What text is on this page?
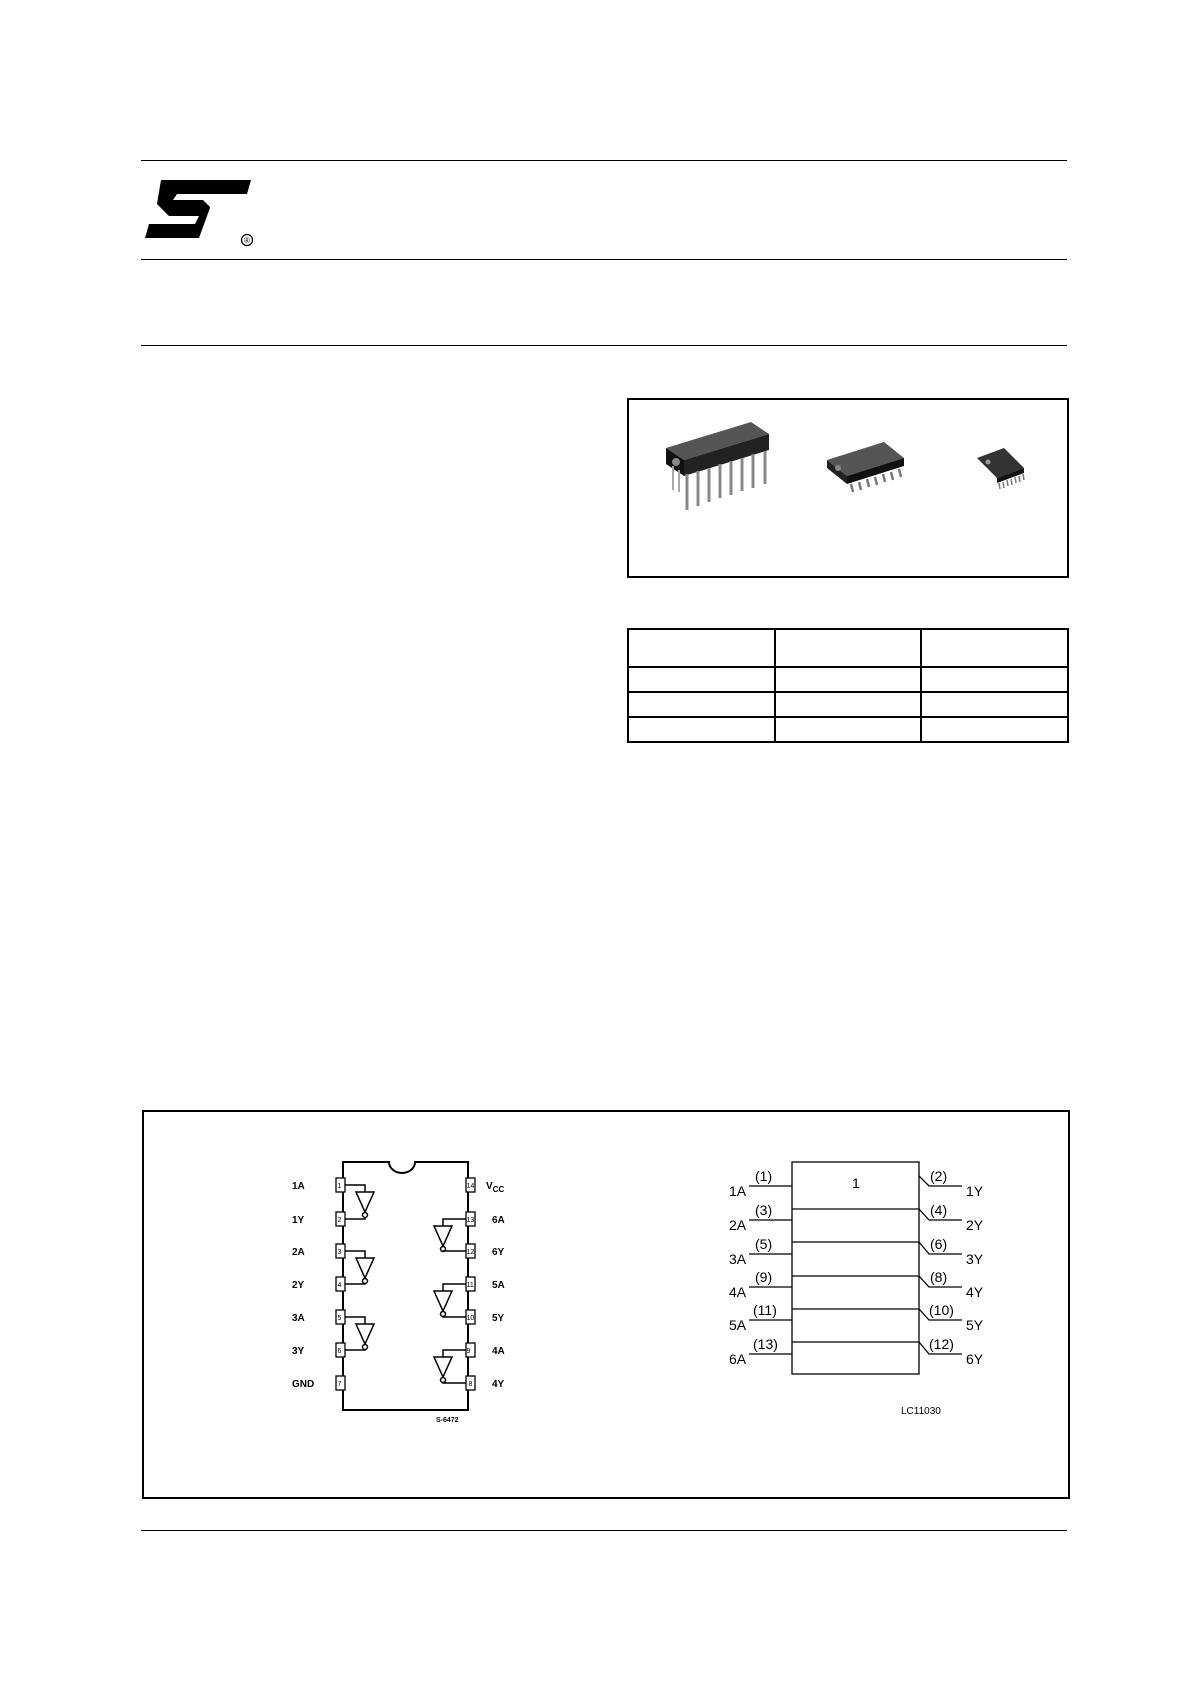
®

1
2
3
4
5
6
7
14
13
12
11
10
9
8
1A
1Y
2A
2Y
3A
3Y
GND
$V_{CC}$
6A
6Y
5A
5Y
4A
4Y
S-6472
1
1A
2A
3A
4A
5A
6A
(1)
(3)
(5)
(9)
(11)
(13)
(2)
(4)
(6)
(8)
(10)
(12)
1Y
2Y
3Y
4Y
5Y
6Y
LC11030
